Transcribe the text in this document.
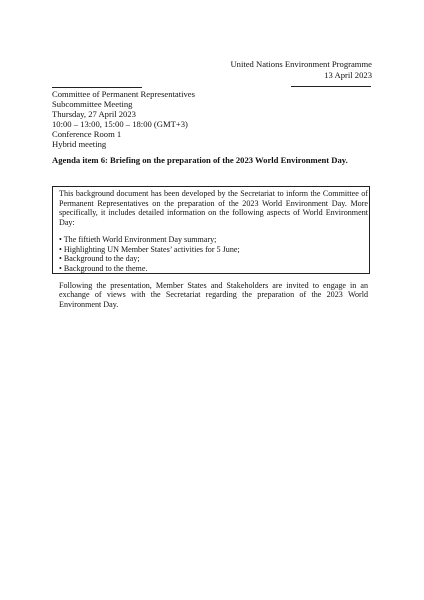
United Nations Environment Programme
13 April 2023
Committee of Permanent Representatives
Subcommittee Meeting
Thursday, 27 April 2023
10:00 – 13:00, 15:00 – 18:00 (GMT+3)
Conference Room 1
Hybrid meeting
Agenda item 6: Briefing on the preparation of the 2023 World Environment Day.

This background document has been developed by the Secretariat to inform the Committee of Permanent Representatives on the preparation of the 2023 World Environment Day. More specifically, it includes detailed information on the following aspects of World Environment Day:

• The fiftieth World Environment Day summary;
• Highlighting UN Member States’ activities for 5 June;
• Background to the day;
• Background to the theme.

Following the presentation, Member States and Stakeholders are invited to engage in an exchange of views with the Secretariat regarding the preparation of the 2023 World Environment Day.
